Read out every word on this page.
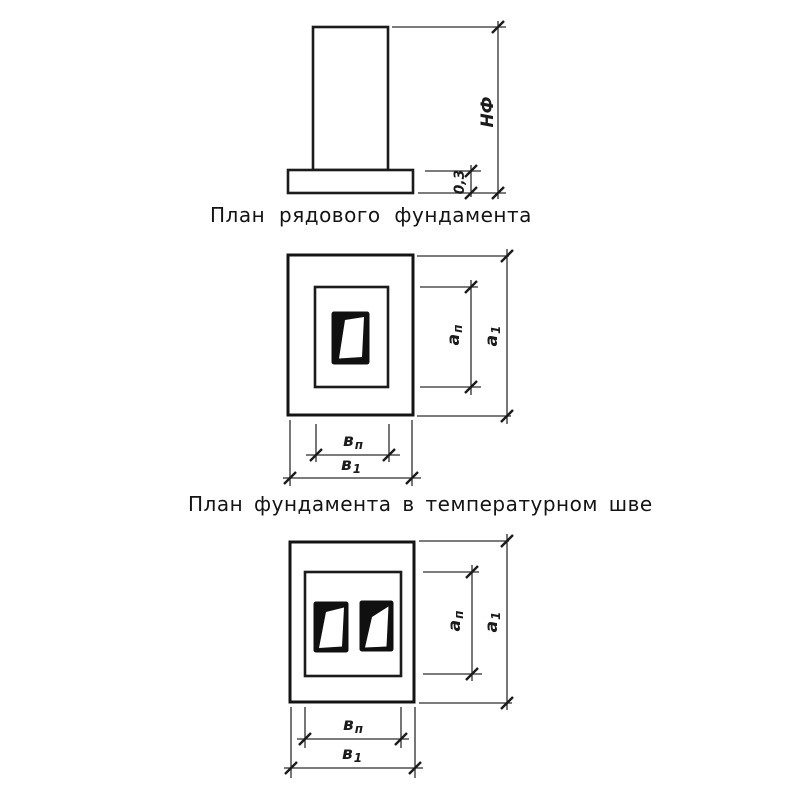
НФ
0,3
План рядового фундамента
а
п
а
1
в п
в 1
План фундамента в температурном шве
а
п
а
1
в п
в 1
